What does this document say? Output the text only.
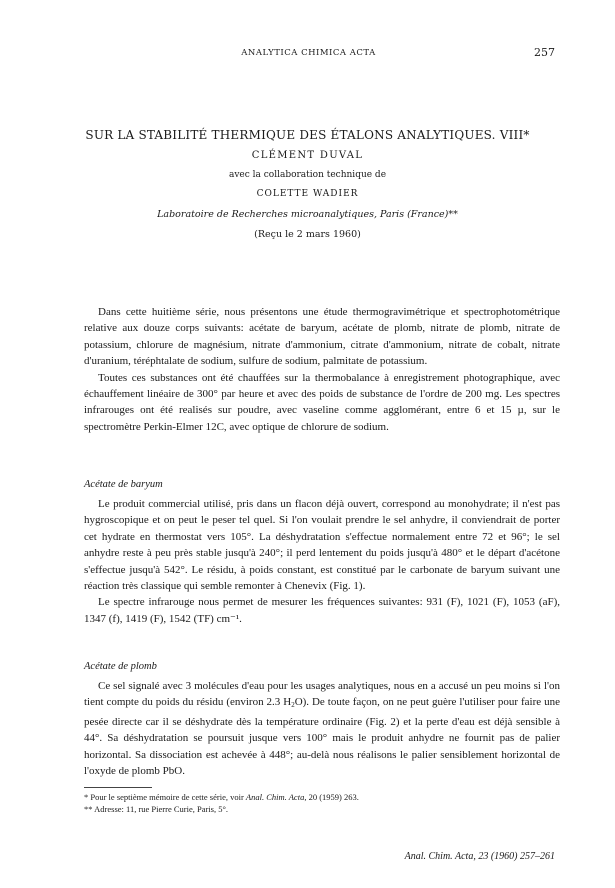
ANALYTICA CHIMICA ACTA	257
SUR LA STABILITÉ THERMIQUE DES ÉTALONS ANALYTIQUES. VIII*
CLÉMENT DUVAL
avec la collaboration technique de
COLETTE WADIER
Laboratoire de Recherches microanalytiques, Paris (France)**
(Reçu le 2 mars 1960)

Dans cette huitième série, nous présentons une étude thermogravimétrique et spectrophotométrique relative aux douze corps suivants: acétate de baryum, acétate de plomb, nitrate de plomb, nitrate de potassium, chlorure de magnésium, nitrate d'ammonium, citrate d'ammonium, nitrate de cobalt, nitrate d'uranium, téréphtalate de sodium, sulfure de sodium, palmitate de potassium.

Toutes ces substances ont été chauffées sur la thermobalance à enregistrement photographique, avec échauffement linéaire de 300° par heure et avec des poids de substance de l'ordre de 200 mg. Les spectres infrarouges ont été realisés sur poudre, avec vaseline comme agglomérant, entre 6 et 15 µ, sur le spectromètre Perkin-Elmer 12C, avec optique de chlorure de sodium.

Acétate de baryum

Le produit commercial utilisé, pris dans un flacon déjà ouvert, correspond au monohydrate; il n'est pas hygroscopique et on peut le peser tel quel. Si l'on voulait prendre le sel anhydre, il conviendrait de porter cet hydrate en thermostat vers 105°. La déshydratation s'effectue normalement entre 72 et 96°; le sel anhydre reste à peu près stable jusqu'à 240°; il perd lentement du poids jusqu'à 480° et le départ d'acétone s'effectue jusqu'à 542°. Le résidu, à poids constant, est constitué par le carbonate de baryum suivant une réaction très classique qui semble remonter à Chenevix (Fig. 1).

Le spectre infrarouge nous permet de mesurer les fréquences suivantes: 931 (F), 1021 (F), 1053 (aF), 1347 (f), 1419 (F), 1542 (TF) cm⁻¹.

Acétate de plomb

Ce sel signalé avec 3 molécules d'eau pour les usages analytiques, nous en a accusé un peu moins si l'on tient compte du poids du résidu (environ 2.3 $H_2O$). De toute façon, on ne peut guère l'utiliser pour faire une pesée directe car il se déshydrate dès la température ordinaire (Fig. 2) et la perte d'eau est déjà sensible à 44°. Sa déshydratation se poursuit jusque vers 100° mais le produit anhydre ne fournit pas de palier horizontal. Sa dissociation est achevée à 448°; au-delà nous réalisons le palier sensiblement horizontal de l'oxyde de plomb PbO.

* Pour le septième mémoire de cette série, voir Anal. Chim. Acta, 20 (1959) 263.
** Adresse: 11, rue Pierre Curie, Paris, 5°.
Anal. Chim. Acta, 23 (1960) 257–261
